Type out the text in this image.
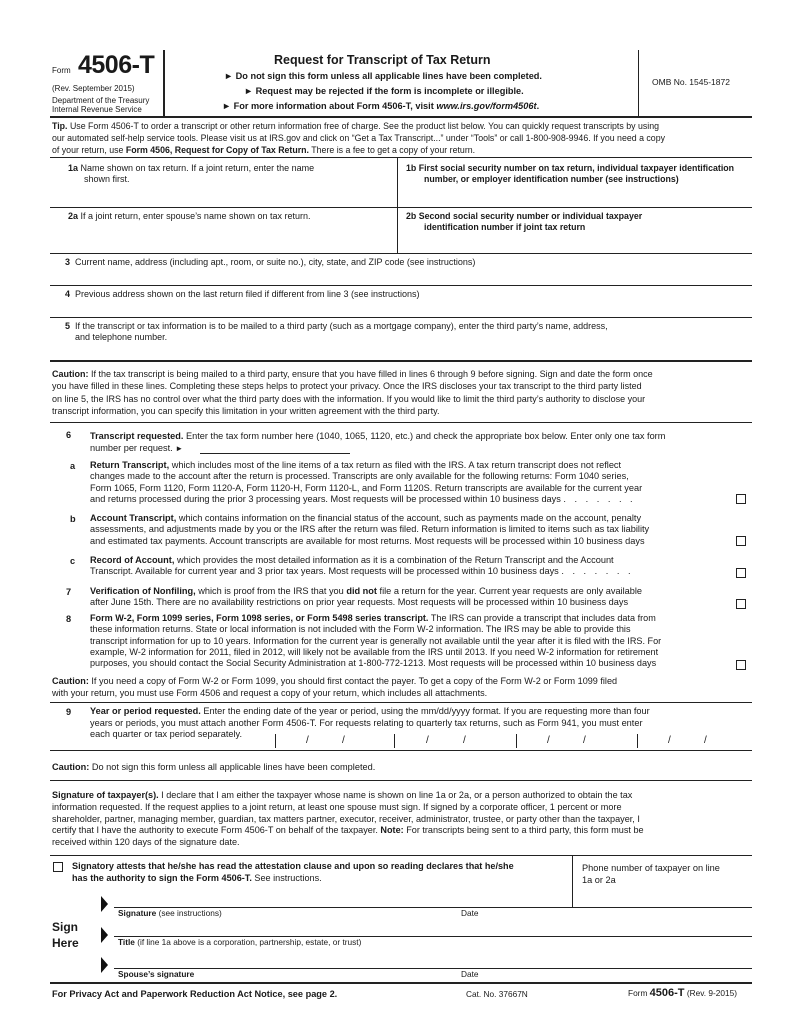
Form 4506-T
(Rev. September 2015)
Department of the Treasury
Internal Revenue Service
Request for Transcript of Tax Return
► Do not sign this form unless all applicable lines have been completed.
► Request may be rejected if the form is incomplete or illegible.
► For more information about Form 4506-T, visit www.irs.gov/form4506t.
OMB No. 1545-1872
Tip. Use Form 4506-T to order a transcript or other return information free of charge. See the product list below. You can quickly request transcripts by using
our automated self-help service tools. Please visit us at IRS.gov and click on “Get a Tax Transcript...” under “Tools” or call 1-800-908-9946. If you need a copy
of your return, use Form 4506, Request for Copy of Tax Return. There is a fee to get a copy of your return.
1a Name shown on tax return. If a joint return, enter the name
shown first.
1b First social security number on tax return, individual taxpayer identification
number, or employer identification number (see instructions)
2a If a joint return, enter spouse’s name shown on tax return.	2b Second social security number or individual taxpayer
identification number if joint tax return
3 Current name, address (including apt., room, or suite no.), city, state, and ZIP code (see instructions)
4 Previous address shown on the last return filed if different from line 3 (see instructions)
5 If the transcript or tax information is to be mailed to a third party (such as a mortgage company), enter the third party’s name, address,
and telephone number.
Caution: If the tax transcript is being mailed to a third party, ensure that you have filled in lines 6 through 9 before signing. Sign and date the form once
you have filled in these lines. Completing these steps helps to protect your privacy. Once the IRS discloses your tax transcript to the third party listed
on line 5, the IRS has no control over what the third party does with the information. If you would like to limit the third party’s authority to disclose your
transcript information, you can specify this limitation in your written agreement with the third party.
6 Transcript requested. Enter the tax form number here (1040, 1065, 1120, etc.) and check the appropriate box below. Enter only one tax form
number per request. ►
a Return Transcript, which includes most of the line items of a tax return as filed with the IRS. A tax return transcript does not reflect
changes made to the account after the return is processed. Transcripts are only available for the following returns: Form 1040 series,
Form 1065, Form 1120, Form 1120-A, Form 1120-H, Form 1120-L, and Form 1120S. Return transcripts are available for the current year
and returns processed during the prior 3 processing years. Most requests will be processed within 10 business days . . . . . . .
b Account Transcript, which contains information on the financial status of the account, such as payments made on the account, penalty
assessments, and adjustments made by you or the IRS after the return was filed. Return information is limited to items such as tax liability
and estimated tax payments. Account transcripts are available for most returns. Most requests will be processed within 10 business days
c Record of Account, which provides the most detailed information as it is a combination of the Return Transcript and the Account
Transcript. Available for current year and 3 prior tax years. Most requests will be processed within 10 business days . . . . . . .
7 Verification of Nonfiling, which is proof from the IRS that you did not file a return for the year. Current year requests are only available
after June 15th. There are no availability restrictions on prior year requests. Most requests will be processed within 10 business days
8 Form W-2, Form 1099 series, Form 1098 series, or Form 5498 series transcript. The IRS can provide a transcript that includes data from
these information returns. State or local information is not included with the Form W-2 information. The IRS may be able to provide this
transcript information for up to 10 years. Information for the current year is generally not available until the year after it is filed with the IRS. For
example, W-2 information for 2011, filed in 2012, will likely not be available from the IRS until 2013. If you need W-2 information for retirement
purposes, you should contact the Social Security Administration at 1-800-772-1213. Most requests will be processed within 10 business days
Caution: If you need a copy of Form W-2 or Form 1099, you should first contact the payer. To get a copy of the Form W-2 or Form 1099 filed
with your return, you must use Form 4506 and request a copy of your return, which includes all attachments.
9 Year or period requested. Enter the ending date of the year or period, using the mm/dd/yyyy format. If you are requesting more than four
years or periods, you must attach another Form 4506-T. For requests relating to quarterly tax returns, such as Form 941, you must enter
each quarter or tax period separately.
/	/	/	/	/	/	/	/
Caution: Do not sign this form unless all applicable lines have been completed.
Signature of taxpayer(s). I declare that I am either the taxpayer whose name is shown on line 1a or 2a, or a person authorized to obtain the tax
information requested. If the request applies to a joint return, at least one spouse must sign. If signed by a corporate officer, 1 percent or more
shareholder, partner, managing member, guardian, tax matters partner, executor, receiver, administrator, trustee, or party other than the taxpayer, I
certify that I have the authority to execute Form 4506-T on behalf of the taxpayer. Note: For transcripts being sent to a third party, this form must be
received within 120 days of the signature date.
Signatory attests that he/she has read the attestation clause and upon so reading declares that he/she
has the authority to sign the Form 4506-T. See instructions.
Phone number of taxpayer on line
1a or 2a
Sign
Here
Signature (see instructions)	Date
Title (if line 1a above is a corporation, partnership, estate, or trust)
Spouse’s signature	Date
For Privacy Act and Paperwork Reduction Act Notice, see page 2.	Cat. No. 37667N	Form 4506-T (Rev. 9-2015)
